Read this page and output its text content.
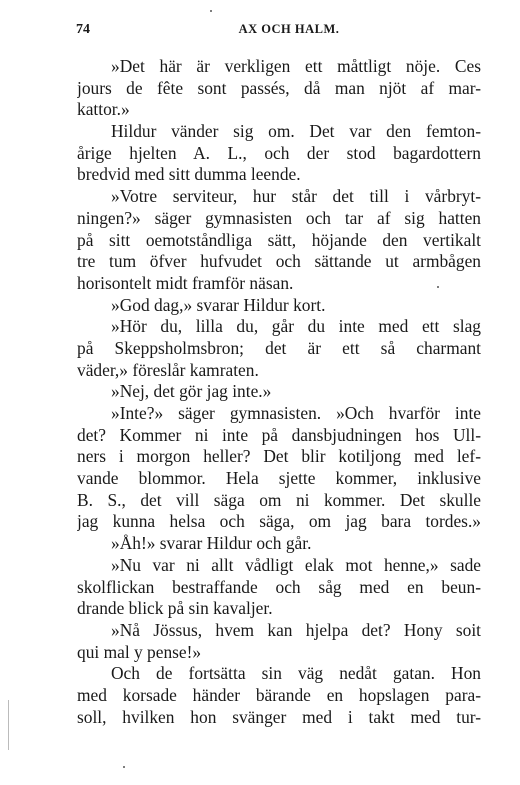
74	AX OCH HALM.
»Det här är verkligen ett måttligt nöje. Ces
jours de fête sont passés, då man njöt af mar-
kattor.»
Hildur vänder sig om. Det var den femton-
årige hjelten A. L., och der stod bagardottern
bredvid med sitt dumma leende.
»Votre serviteur, hur står det till i vårbryt-
ningen?» säger gymnasisten och tar af sig hatten
på sitt oemotståndliga sätt, höjande den vertikalt
tre tum öfver hufvudet och sättande ut armbågen
horisontelt midt framför näsan.
»God dag,» svarar Hildur kort.
»Hör du, lilla du, går du inte med ett slag
på Skeppsholmsbron; det är ett så charmant
väder,» föreslår kamraten.
»Nej, det gör jag inte.»
»Inte?» säger gymnasisten. »Och hvarför inte
det? Kommer ni inte på dansbjudningen hos Ull-
ners i morgon heller? Det blir kotiljong med lef-
vande blommor. Hela sjette kommer, inklusive
B. S., det vill säga om ni kommer. Det skulle
jag kunna helsa och säga, om jag bara tordes.»
»Åh!» svarar Hildur och går.
»Nu var ni allt vådligt elak mot henne,» sade
skolflickan bestraffande och såg med en beun-
drande blick på sin kavaljer.
»Nå Jössus, hvem kan hjelpa det? Hony soit
qui mal y pense!»
Och de fortsätta sin väg nedåt gatan. Hon
med korsade händer bärande en hopslagen para-
soll, hvilken hon svänger med i takt med tur-
